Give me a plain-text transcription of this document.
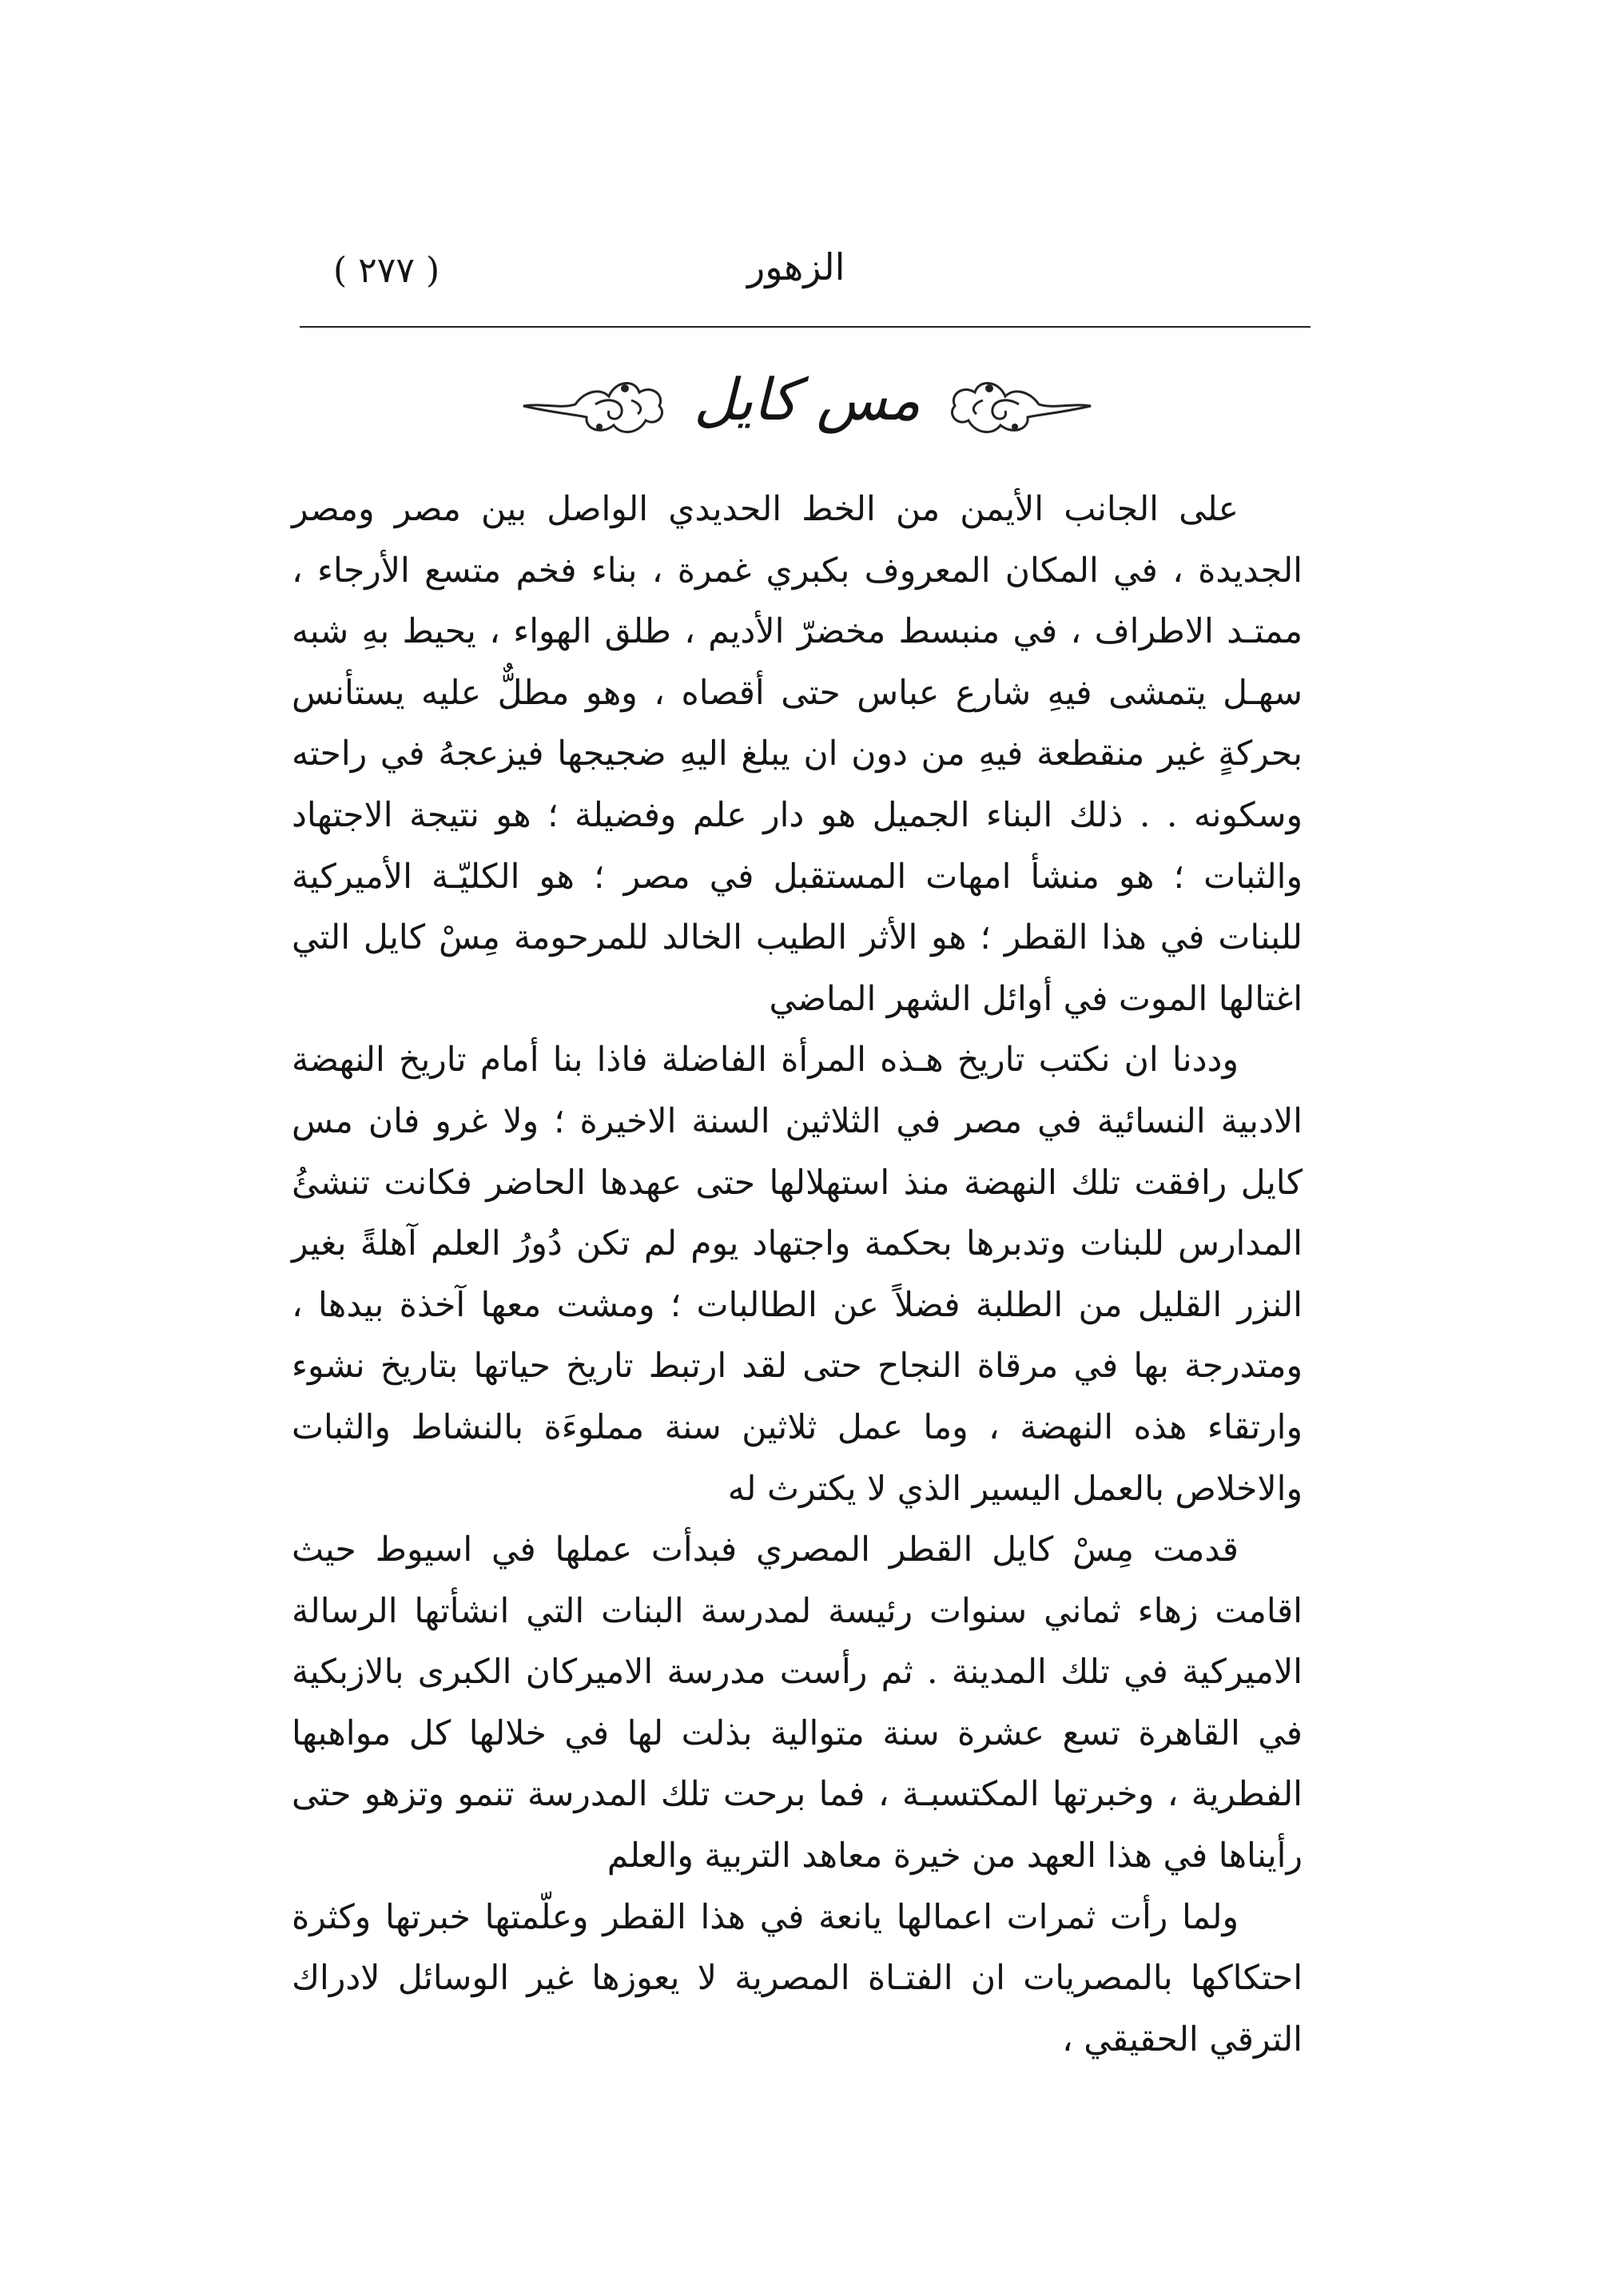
( ٢٧٧ )	الزهور
مس كايل

على الجانب الأيمن من الخط الحديدي الواصل بين مصر ومصر الجديدة ، في المكان المعروف بكبري غمرة ، بناء فخم متسع الأرجاء ، ممتـد الاطراف ، في منبسط مخضرّ الأديم ، طلق الهواء ، يحيط بهِ شبه سهـل يتمشى فيهِ شارع عباس حتى أقصاه ، وهو مطلٌّ عليه يستأنس بحركةٍ غير منقطعة فيهِ من دون ان يبلغ اليهِ ضجيجها فيزعجهُ في راحته وسكونه . . ذلك البناء الجميل هو دار علم وفضيلة ؛ هو نتيجة الاجتهاد والثبات ؛ هو منشأ امهات المستقبل في مصر ؛ هو الكليّـة الأميركية للبنات في هذا القطر ؛ هو الأثر الطيب الخالد للمرحومة مِسْ كايل التي اغتالها الموت في أوائل الشهر الماضي

وددنا ان نكتب تاريخ هـذه المرأة الفاضلة فاذا بنا أمام تاريخ النهضة الادبية النسائية في مصر في الثلاثين السنة الاخيرة ؛ ولا غرو فان مس كايل رافقت تلك النهضة منذ استهلالها حتى عهدها الحاضر فكانت تنشئُ المدارس للبنات وتدبرها بحكمة واجتهاد يوم لم تكن دُورُ العلم آهلةً بغير النزر القليل من الطلبة فضلاً عن الطالبات ؛ ومشت معها آخذة بيدها ، ومتدرجة بها في مرقاة النجاح حتى لقد ارتبط تاريخ حياتها بتاريخ نشوء وارتقاء هذه النهضة ، وما عمل ثلاثين سنة مملوءَة بالنشاط والثبات والاخلاص بالعمل اليسير الذي لا يكترث له

قدمت مِسْ كايل القطر المصري فبدأت عملها في اسيوط حيث اقامت زهاء ثماني سنوات رئيسة لمدرسة البنات التي انشأتها الرسالة الاميركية في تلك المدينة . ثم رأست مدرسة الاميركان الكبرى بالازبكية في القاهرة تسع عشرة سنة متوالية بذلت لها في خلالها كل مواهبها الفطرية ، وخبرتها المكتسبـة ، فما برحت تلك المدرسة تنمو وتزهو حتى رأيناها في هذا العهد من خيرة معاهد التربية والعلم

ولما رأت ثمرات اعمالها يانعة في هذا القطر وعلّمتها خبرتها وكثرة احتكاكها بالمصريات ان الفتـاة المصرية لا يعوزها غير الوسائل لادراك الترقي الحقيقي ،
